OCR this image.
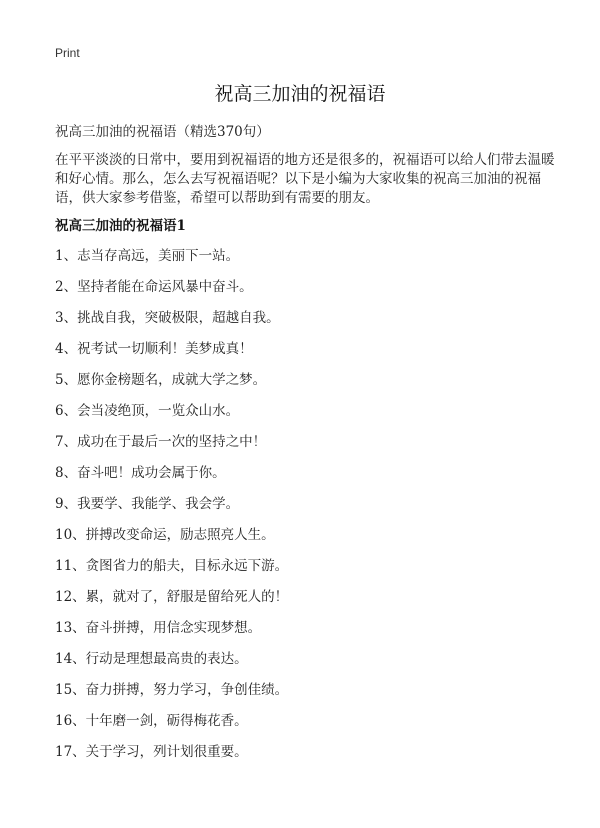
Print
祝高三加油的祝福语
祝高三加油的祝福语（精选370句）

在平平淡淡的日常中，要用到祝福语的地方还是很多的，祝福语可以给人们带去温暖和好心情。那么，怎么去写祝福语呢？以下是小编为大家收集的祝高三加油的祝福语，供大家参考借鉴，希望可以帮助到有需要的朋友。

祝高三加油的祝福语1
1、志当存高远，美丽下一站。
2、坚持者能在命运风暴中奋斗。
3、挑战自我，突破极限，超越自我。
4、祝考试一切顺利！美梦成真！
5、愿你金榜题名，成就大学之梦。
6、会当凌绝顶，一览众山水。
7、成功在于最后一次的坚持之中！
8、奋斗吧！成功会属于你。
9、我要学、我能学、我会学。
10、拼搏改变命运，励志照亮人生。
11、贪图省力的船夫，目标永远下游。
12、累，就对了，舒服是留给死人的！
13、奋斗拼搏，用信念实现梦想。
14、行动是理想最高贵的表达。
15、奋力拼搏，努力学习，争创佳绩。
16、十年磨一剑，砺得梅花香。
17、关于学习，列计划很重要。
